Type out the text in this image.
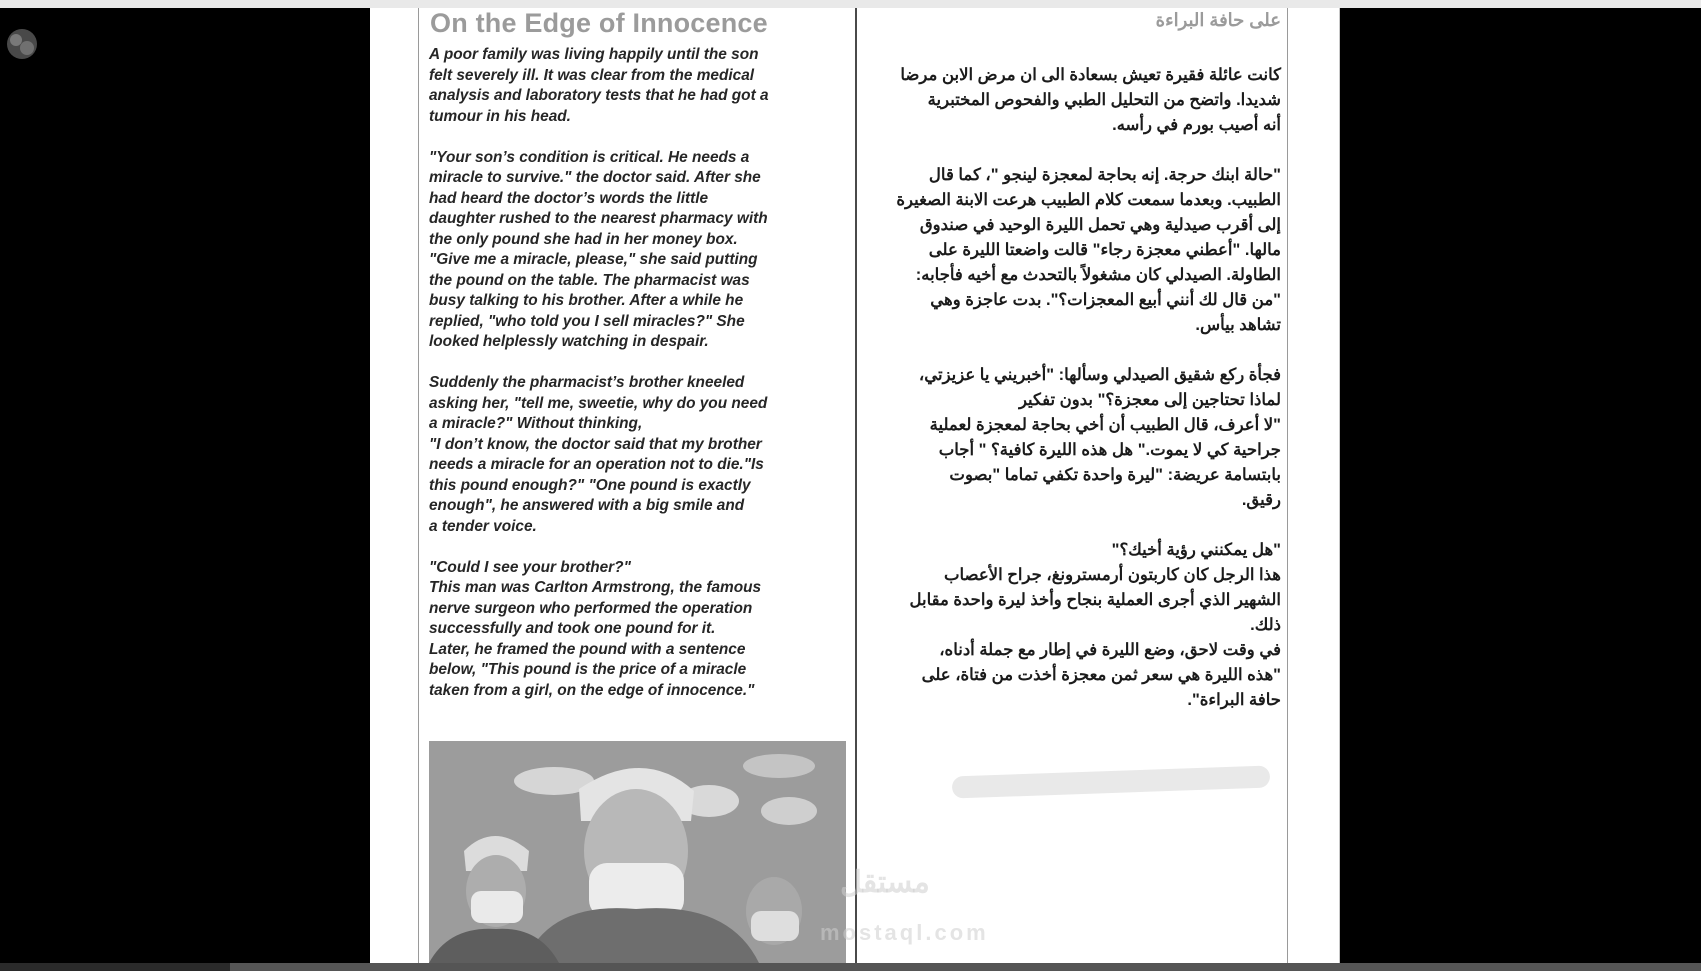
On the Edge of Innocence

A poor family was living happily until the son
felt severely ill. It was clear from the medical
analysis and laboratory tests that he had got a
tumour in his head.

"Your son’s condition is critical. He needs a
miracle to survive." the doctor said. After she
had heard the doctor’s words the little
daughter rushed to the nearest pharmacy with
the only pound she had in her money box.
"Give me a miracle, please," she said putting
the pound on the table. The pharmacist was
busy talking to his brother. After a while he
replied, "who told you I sell miracles?" She
looked helplessly watching in despair.

Suddenly the pharmacist’s brother kneeled
asking her, "tell me, sweetie, why do you need
a miracle?" Without thinking,
"I don’t know, the doctor said that my brother
needs a miracle for an operation not to die."Is
this pound enough?" "One pound is exactly
enough", he answered with a big smile and
a tender voice.

"Could I see your brother?"
This man was Carlton Armstrong, the famous
nerve surgeon who performed the operation
successfully and took one pound for it.
Later, he framed the pound with a sentence
below, "This pound is the price of a miracle
taken from a girl, on the edge of innocence."

على حافة البراءة

كانت عائلة فقيرة تعيش بسعادة الى ان مرض الابن مرضا
شديدا. واتضح من التحليل الطبي والفحوص المختبرية
أنه أصيب بورم في رأسه.

"حالة ابنك حرجة. إنه بحاجة لمعجزة لينجو "، كما قال
الطبيب. وبعدما سمعت كلام الطبيب هرعت الابنة الصغيرة
إلى أقرب صيدلية وهي تحمل الليرة الوحيد في صندوق
مالها. "أعطني معجزة رجاء" قالت واضعتا الليرة على
الطاولة. الصيدلي كان مشغولاً بالتحدث مع أخيه فأجابه:
"من قال لك أنني أبيع المعجزات؟". بدت عاجزة وهي
تشاهد بيأس.

فجأة ركع شقيق الصيدلي وسألها: "أخبريني يا عزيزتي،
لماذا تحتاجين إلى معجزة؟" بدون تفكير
"لا أعرف، قال الطبيب أن أخي بحاجة لمعجزة لعملية
جراحية كي لا يموت." هل هذه الليرة كافية؟ " أجاب
بابتسامة عريضة: "ليرة واحدة تكفي تماما "بصوت
رقيق.

"هل يمكنني رؤية أخيك؟"
هذا الرجل كان كاربتون أرمسترونغ، جراح الأعصاب
الشهير الذي أجرى العملية بنجاح وأخذ ليرة واحدة مقابل
ذلك.
في وقت لاحق، وضع الليرة في إطار مع جملة أدناه،
"هذه الليرة هي سعر ثمن معجزة أخذت من فتاة، على
حافة البراءة".

مستقل
mostaql.com
